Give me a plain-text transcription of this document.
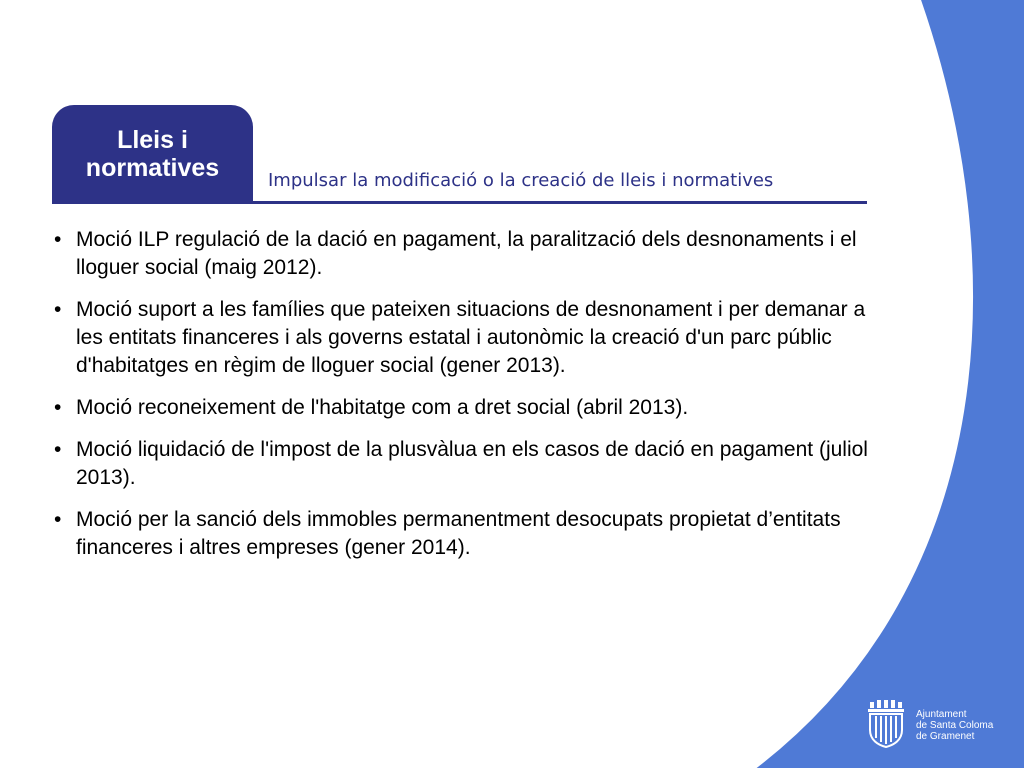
Lleis i
normatives	Impulsar la modificació o la creació de lleis i normatives
• Moció ILP regulació de la dació en pagament, la paralització dels desnonaments i el lloguer social (maig 2012).
• Moció suport a les famílies que pateixen situacions de desnonament i per demanar a les entitats financeres i als governs estatal i autonòmic la creació d'un parc públic d'habitatges en règim de lloguer social (gener 2013).
• Moció reconeixement de l'habitatge com a dret social (abril 2013).
• Moció liquidació de l'impost de la plusvàlua en els casos de dació en pagament (juliol 2013).
• Moció per la sanció dels immobles permanentment desocupats propietat d’entitats financeres i altres empreses (gener 2014).
Ajuntament
de Santa Coloma
de Gramenet
